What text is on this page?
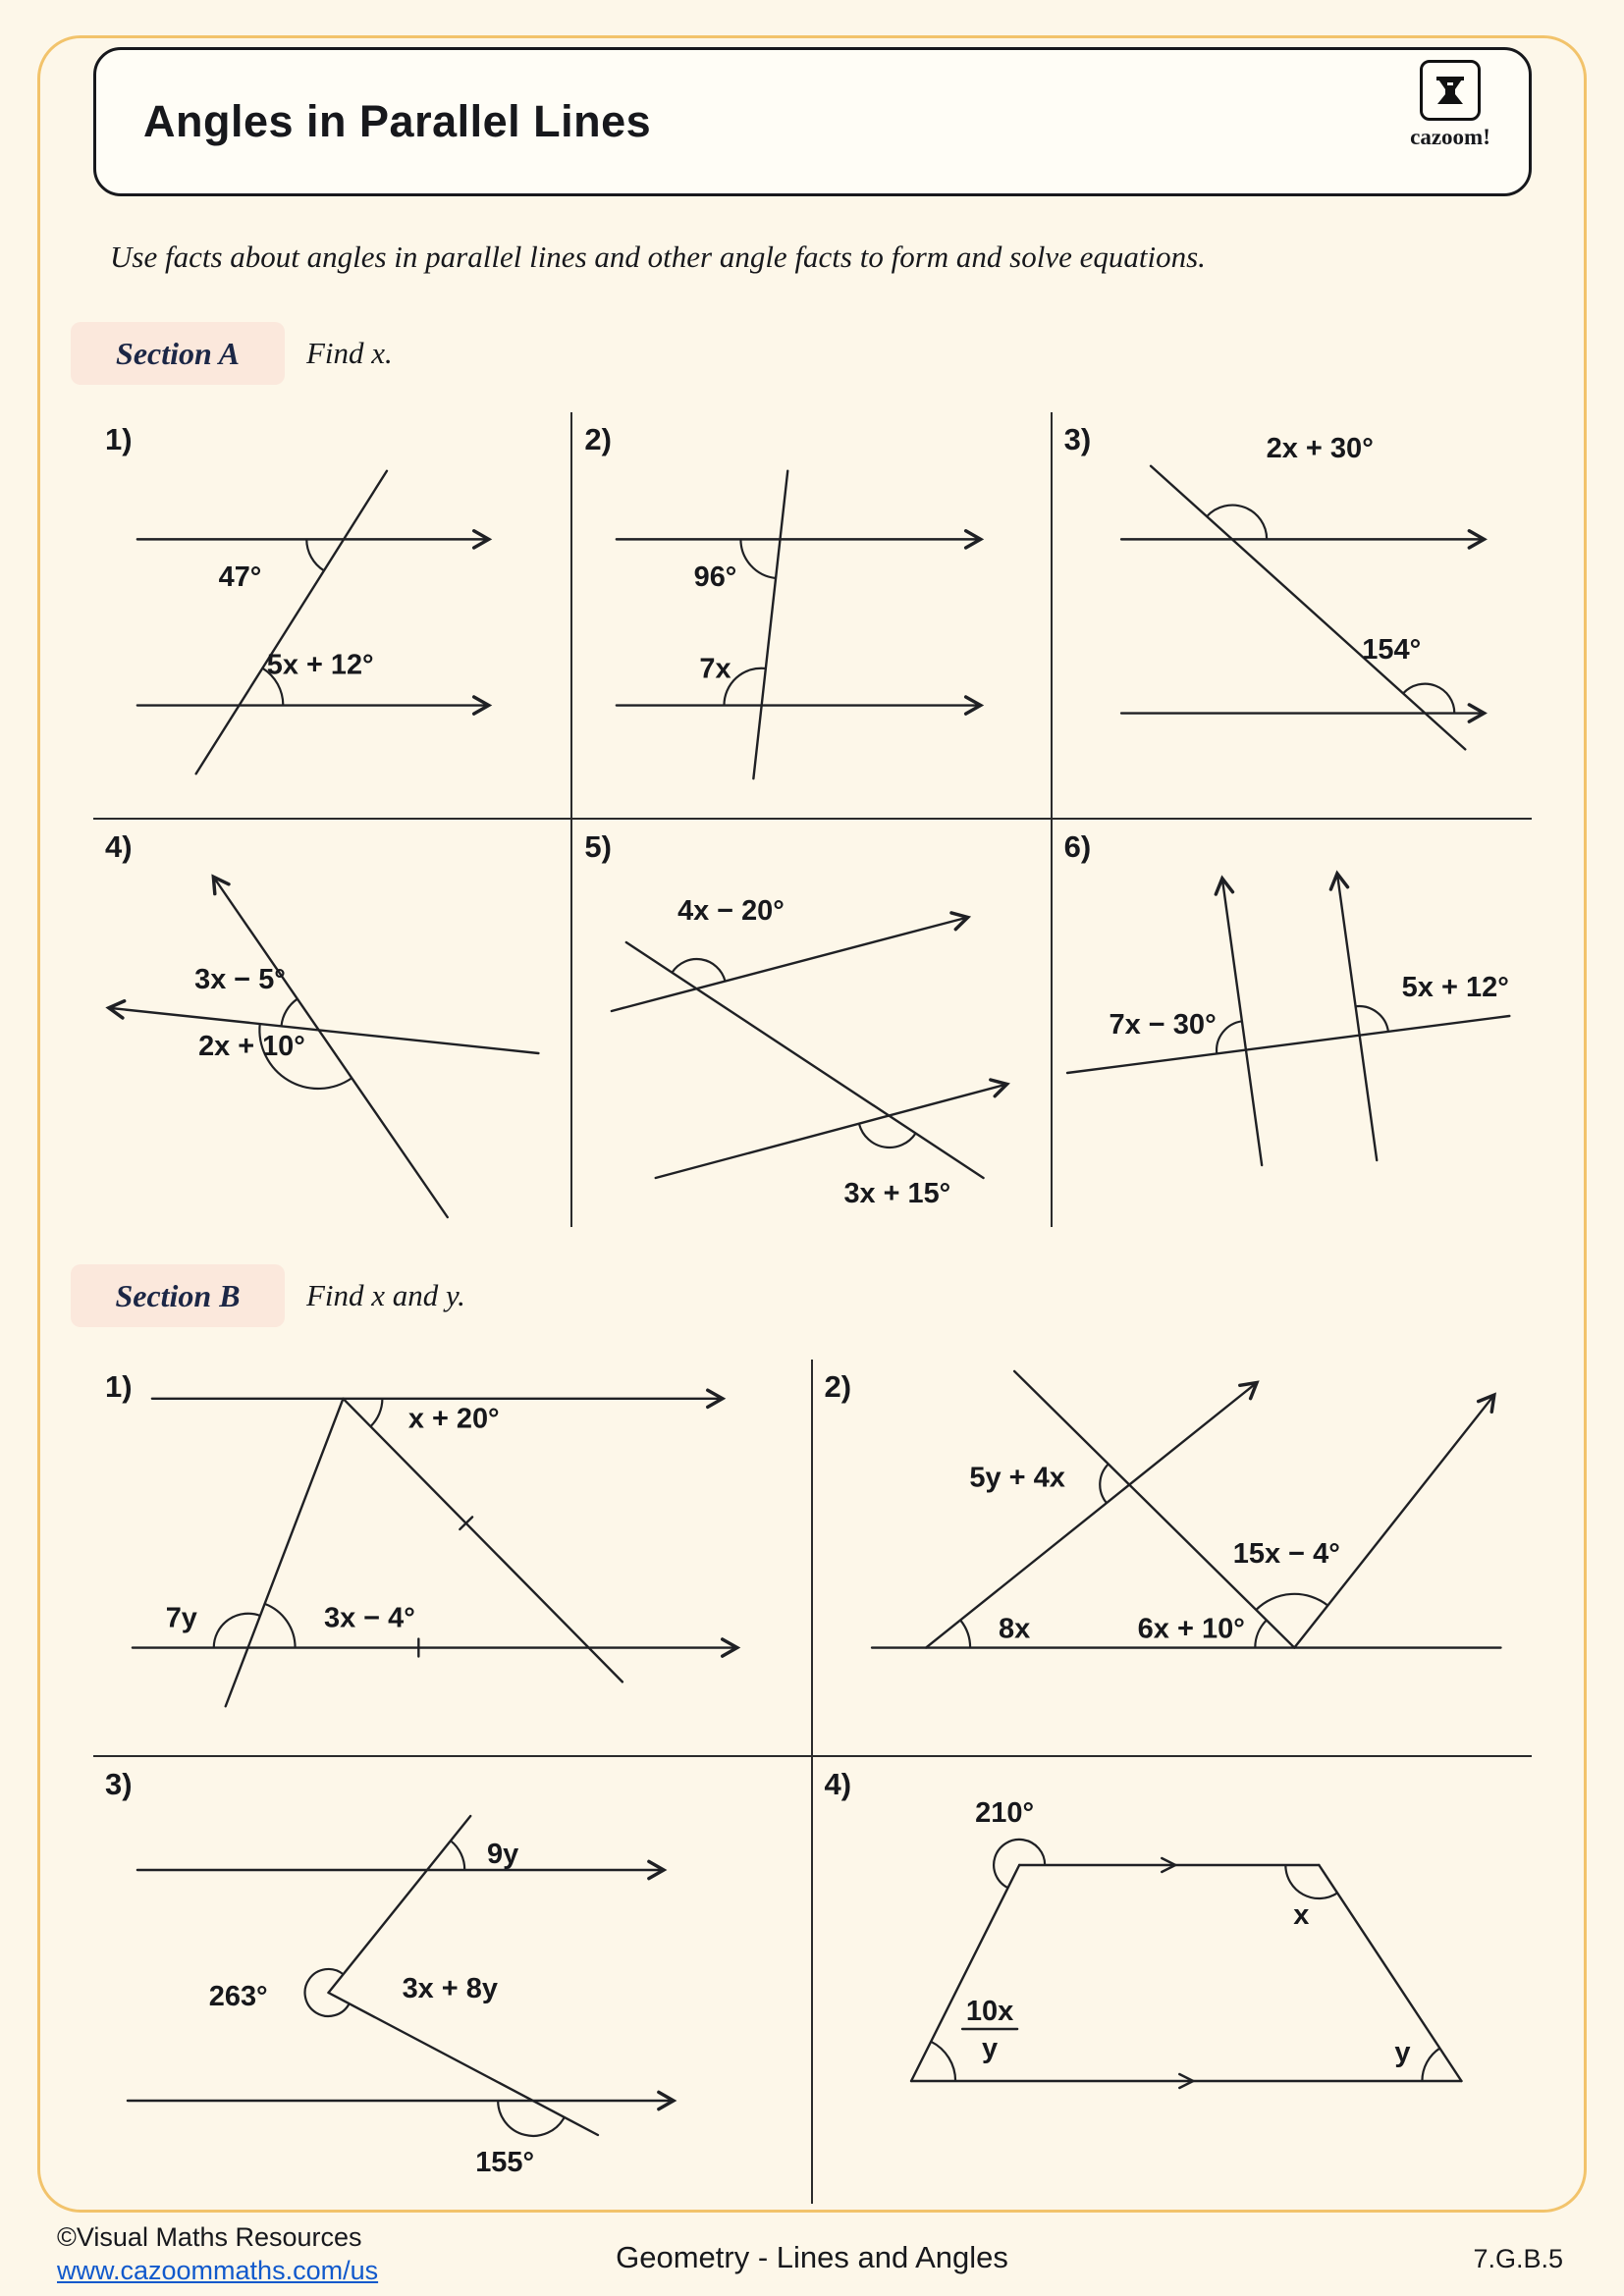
Angles in Parallel Lines	cazoom!
Use facts about angles in parallel lines and other angle facts to form and solve equations.
Section A	Find x.
1)
47°
5x + 12°
2)
96°
7x
3)	2x + 30°
154°
4)
3x − 5°
2x + 10°
5)
4x − 20°
3x + 15°
6)
7x − 30°
5x + 12°
Section B	Find x and y.
1)
x + 20°
7y	3x − 4°
2)
5y + 4x
15x − 4°
8x	6x + 10°
3)
9y
263°	3x + 8y
155°
4)
210°
x
10x
y	y
©Visual Maths Resources
www.cazoommaths.com/us	Geometry - Lines and Angles	7.G.B.5
